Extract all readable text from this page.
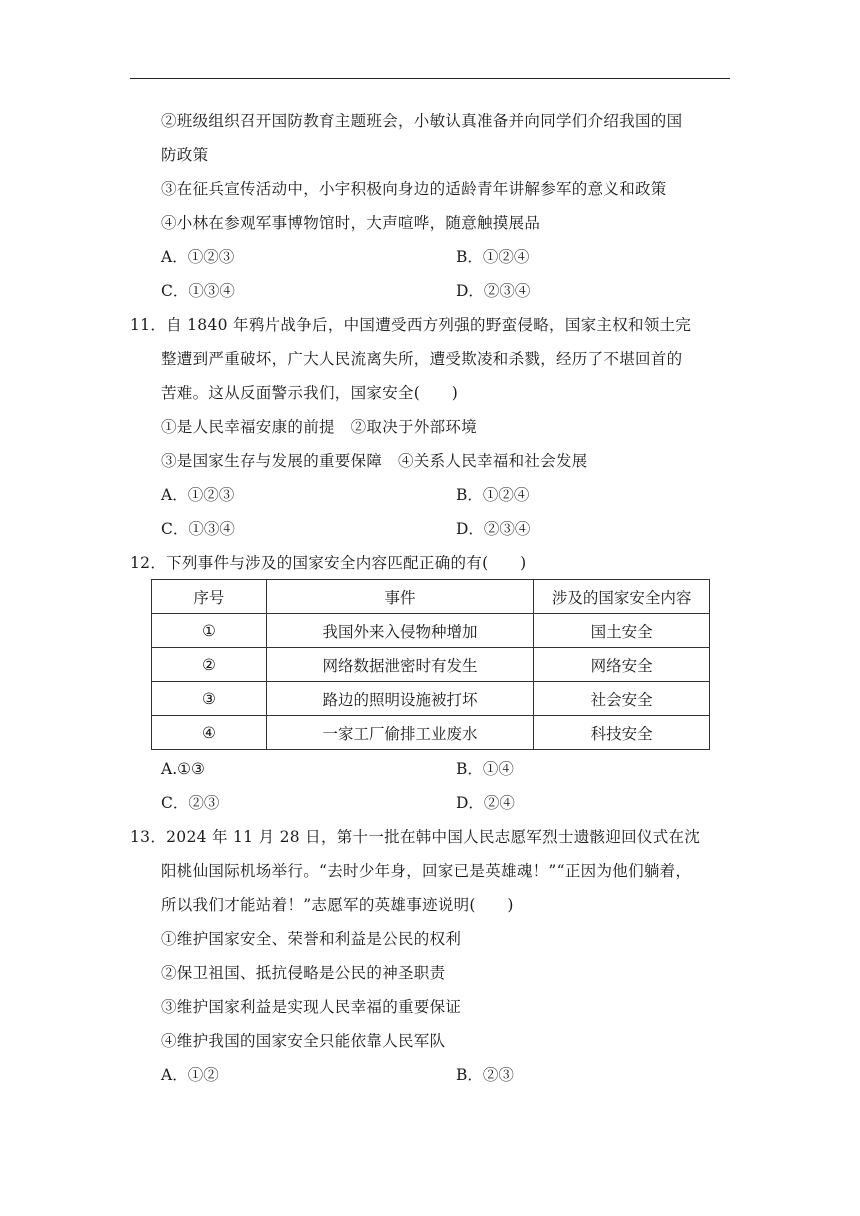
②班级组织召开国防教育主题班会，小敏认真准备并向同学们介绍我国的国
防政策
③在征兵宣传活动中，小宇积极向身边的适龄青年讲解参军的意义和政策
④小林在参观军事博物馆时，大声喧哗，随意触摸展品
A．①②③	B．①②④
C．①③④	D．②③④
11．自 1840 年鸦片战争后，中国遭受西方列强的野蛮侵略，国家主权和领土完
整遭到严重破坏，广大人民流离失所，遭受欺凌和杀戮，经历了不堪回首的
苦难。这从反面警示我们，国家安全(　　)
①是人民幸福安康的前提　②取决于外部环境
③是国家生存与发展的重要保障　④关系人民幸福和社会发展
A．①②③	B．①②④
C．①③④	D．②③④
12．下列事件与涉及的国家安全内容匹配正确的有(　　)
序号	事件	涉及的国家安全内容
①	我国外来入侵物种增加	国土安全
②	网络数据泄密时有发生	网络安全
③	路边的照明设施被打坏	社会安全
④	一家工厂偷排工业废水	科技安全
A.①③	B．①④
C．②③	D．②④
13．2024 年 11 月 28 日，第十一批在韩中国人民志愿军烈士遗骸迎回仪式在沈
阳桃仙国际机场举行。“去时少年身，回家已是英雄魂！”“正因为他们躺着，
所以我们才能站着！”志愿军的英雄事迹说明(　　)
①维护国家安全、荣誉和利益是公民的权利
②保卫祖国、抵抗侵略是公民的神圣职责
③维护国家利益是实现人民幸福的重要保证
④维护我国的国家安全只能依靠人民军队
A．①②	B．②③
